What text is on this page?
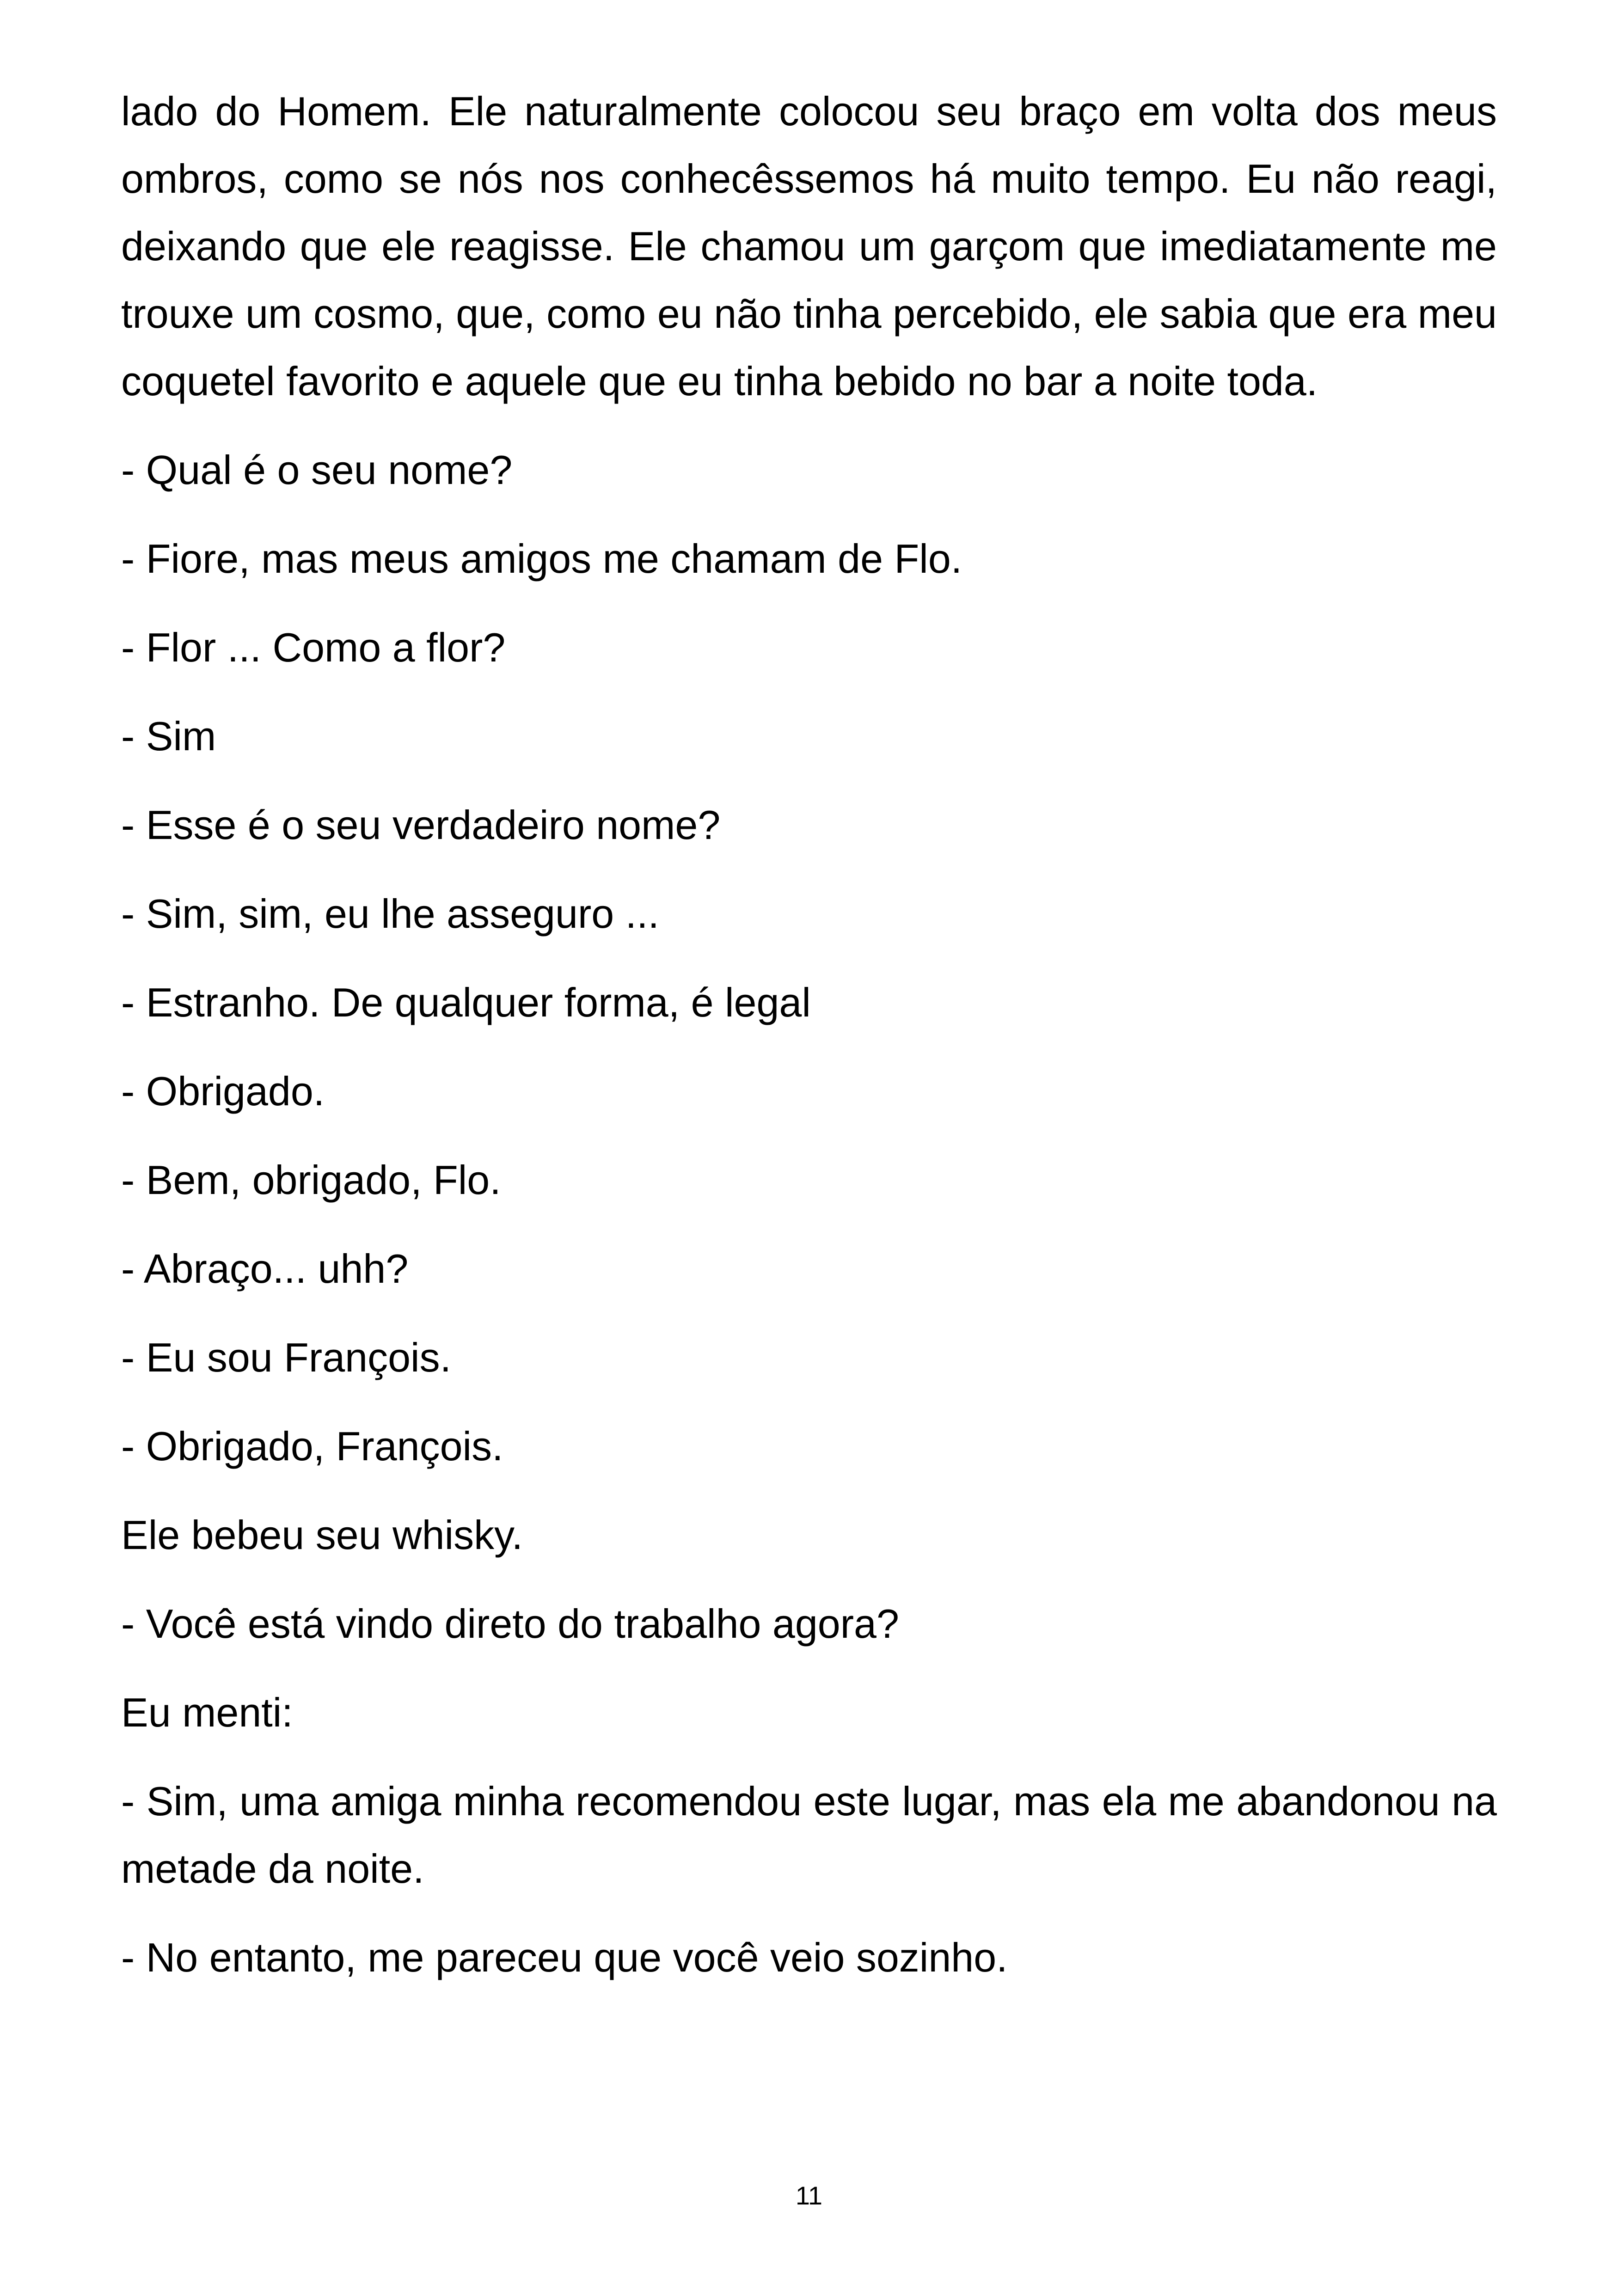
lado do Homem. Ele naturalmente colocou seu braço em volta dos meus ombros, como se nós nos conhecêssemos há muito tempo. Eu não reagi, deixando que ele reagisse. Ele chamou um garçom que imediatamente me trouxe um cosmo, que, como eu não tinha percebido, ele sabia que era meu coquetel favorito e aquele que eu tinha bebido no bar a noite toda.

- Qual é o seu nome?

- Fiore, mas meus amigos me chamam de Flo.

- Flor ... Como a flor?

- Sim

- Esse é o seu verdadeiro nome?

- Sim, sim, eu lhe asseguro ...

- Estranho. De qualquer forma, é legal

- Obrigado.

- Bem, obrigado, Flo.

- Abraço... uhh?

- Eu sou François.

- Obrigado, François.

Ele bebeu seu whisky.

- Você está vindo direto do trabalho agora?

Eu menti:

- Sim, uma amiga minha recomendou este lugar, mas ela me abandonou na metade da noite.

- No entanto, me pareceu que você veio sozinho.

11
